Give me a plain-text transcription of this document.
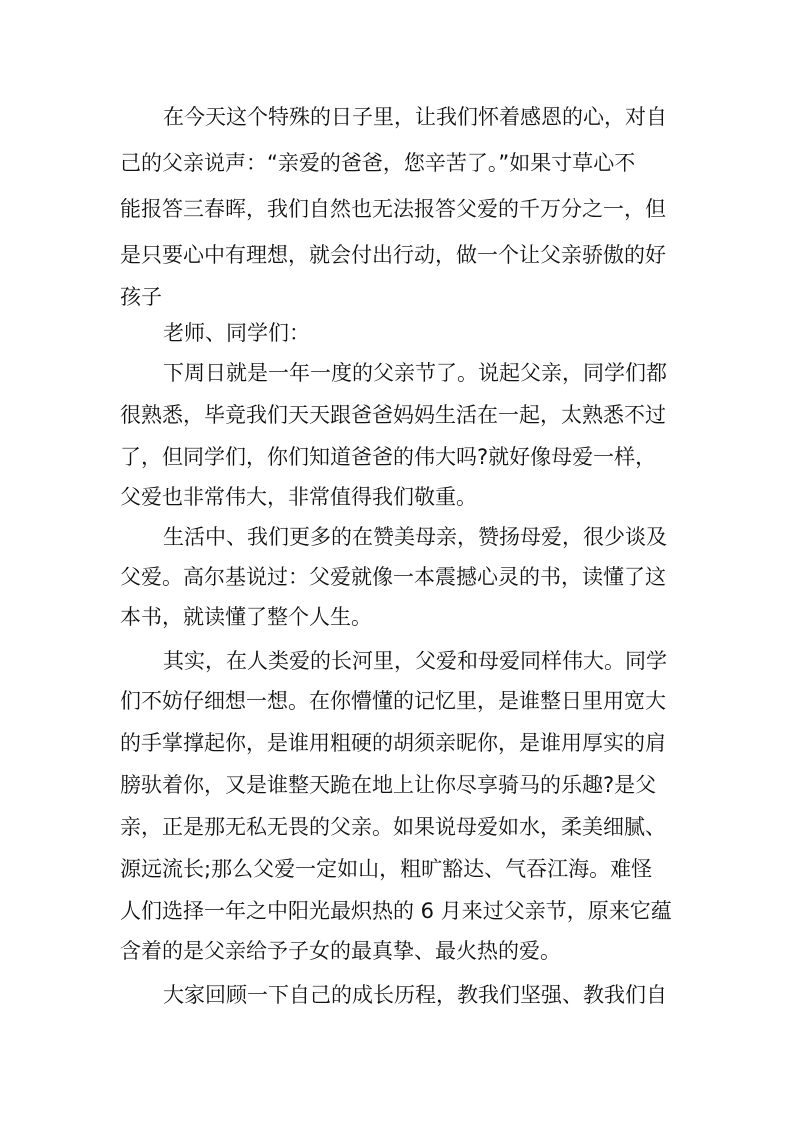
在今天这个特殊的日子里，让我们怀着感恩的心，对自
己的父亲说声：“亲爱的爸爸，您辛苦了。”如果寸草心不
能报答三春晖，我们自然也无法报答父爱的千万分之一，但
是只要心中有理想，就会付出行动，做一个让父亲骄傲的好
孩子
老师、同学们：
下周日就是一年一度的父亲节了。说起父亲，同学们都
很熟悉，毕竟我们天天跟爸爸妈妈生活在一起，太熟悉不过
了，但同学们，你们知道爸爸的伟大吗?就好像母爱一样，
父爱也非常伟大，非常值得我们敬重。
生活中、我们更多的在赞美母亲，赞扬母爱，很少谈及
父爱。高尔基说过：父爱就像一本震撼心灵的书，读懂了这
本书，就读懂了整个人生。
其实，在人类爱的长河里，父爱和母爱同样伟大。同学
们不妨仔细想一想。在你懵懂的记忆里，是谁整日里用宽大
的手掌撑起你，是谁用粗硬的胡须亲昵你，是谁用厚实的肩
膀驮着你，又是谁整天跪在地上让你尽享骑马的乐趣?是父
亲，正是那无私无畏的父亲。如果说母爱如水，柔美细腻、
源远流长;那么父爱一定如山，粗旷豁达、气吞江海。难怪
人们选择一年之中阳光最炽热的 6 月来过父亲节，原来它蕴
含着的是父亲给予子女的最真挚、最火热的爱。
大家回顾一下自己的成长历程，教我们坚强、教我们自
